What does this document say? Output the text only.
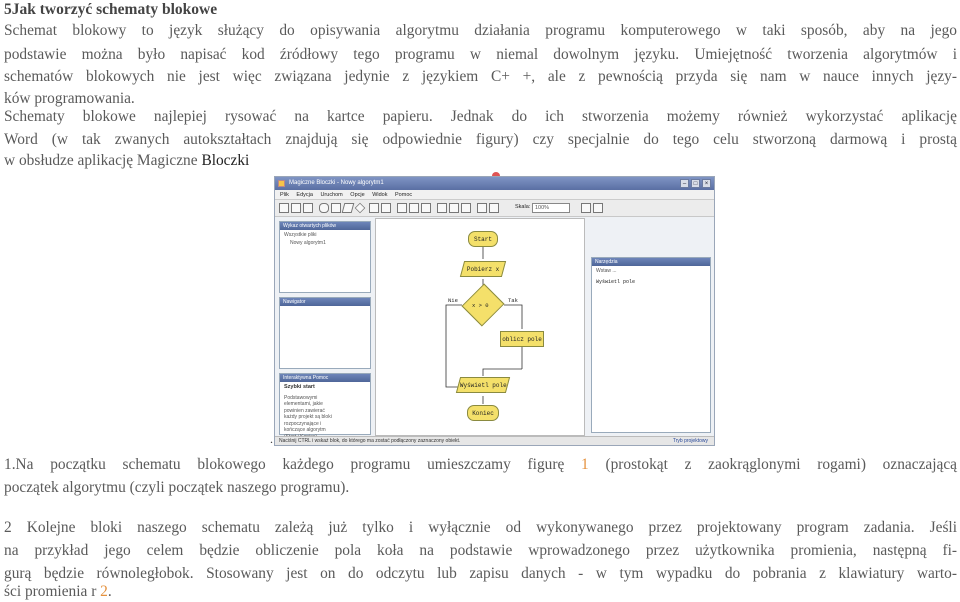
5Jak tworzyć schematy blokowe
Schemat blokowy to język służący do opisywania algorytmu działania programu komputerowego w taki sposób, aby na jego
podstawie można było napisać kod źródłowy tego programu w niemal dowolnym języku. Umiejętność tworzenia algorytmów i
schematów blokowych nie jest więc związana jedynie z językiem C+ +, ale z pewnością przyda się nam w nauce innych języ-
ków programowania.
Schematy blokowe najlepiej rysować na kartce papieru. Jednak do ich stworzenia możemy również wykorzystać aplikację
Word (w tak zwanych autokształtach znajdują się odpowiednie figury) czy specjalnie do tego celu stworzoną darmową i prostą
w obsłudze aplikację Magiczne Bloczki
Magiczne Bloczki - Nowy algorytm1	–	□	×
Plik Edycja Uruchom Opcje Widok Pomoc
Skala: 100%
Wykaz otwartych plików
Wszystkie pliki
Nowy algorytm1
Nawigator
Interaktywna Pomoc
Szybki start
Podstawowymi elementami, jakie powinien zawierać każdy projekt są bloki rozpoczynające i kończące algorytm
Start
Pobierz x
x > 0
Nie	Tak
oblicz pole
Wyświetl pole
Koniec
Narzędzia
Wstaw ...
Wyświetl pole
Naciśnij CTRL i wskaż blok, do którego ma zostać podłączony zaznaczony obiekt.	Tryb projektowy
.
1.Na początku schematu blokowego każdego programu umieszczamy figurę 1 (prostokąt z zaokrąglonymi rogami) oznaczającą
początek algorytmu (czyli początek naszego programu).
2 Kolejne bloki naszego schematu zależą już tylko i wyłącznie od wykonywanego przez projektowany program zadania. Jeśli
na przykład jego celem będzie obliczenie pola koła na podstawie wprowadzonego przez użytkownika promienia, następną fi-
gurą będzie równoległobok. Stosowany jest on do odczytu lub zapisu danych - w tym wypadku do pobrania z klawiatury warto-
ści promienia r 2.
